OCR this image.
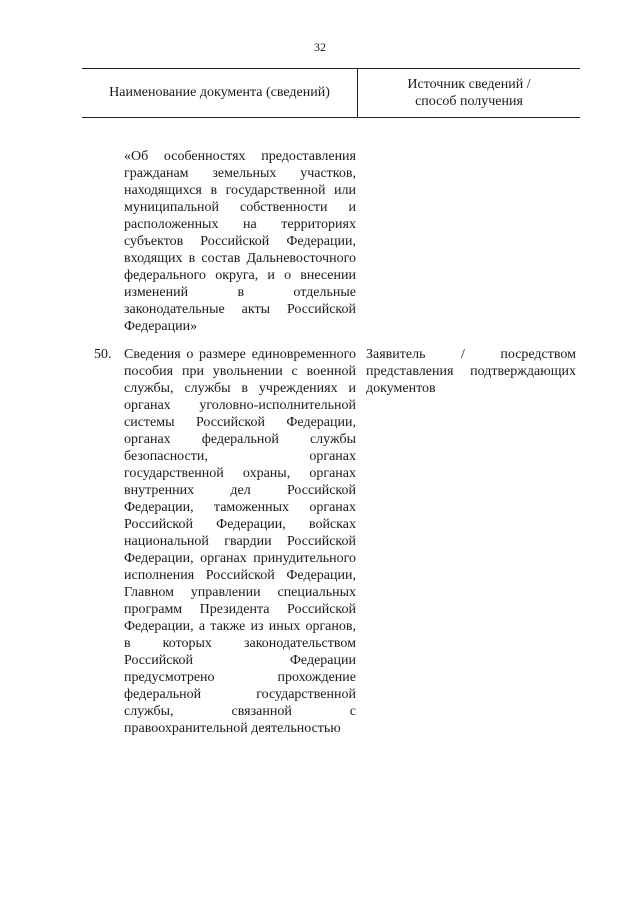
32
Наименование документа (сведений)
Источник сведений /
способ получения
«Об особенностях предоставления гражданам земельных участков, находящихся в государственной или муниципальной собственности и расположенных на территориях субъектов Российской Федерации, входящих в состав Дальневосточного федерального округа, и о внесении изменений в отдельные законодательные акты Российской Федерации»
50. Сведения о размере единовременного пособия при увольнении с военной службы, службы в учреждениях и органах уголовно-исполнительной системы Российской Федерации, органах федеральной службы безопасности, органах государственной охраны, органах внутренних дел Российской Федерации, таможенных органах Российской Федерации, войсках национальной гвардии Российской Федерации, органах принудительного исполнения Российской Федерации, Главном управлении специальных программ Президента Российской Федерации, а также из иных органов, в которых законодательством Российской Федерации предусмотрено прохождение федеральной государственной службы, связанной с правоохранительной деятельностью
Заявитель / посредством представления подтверждающих документов
